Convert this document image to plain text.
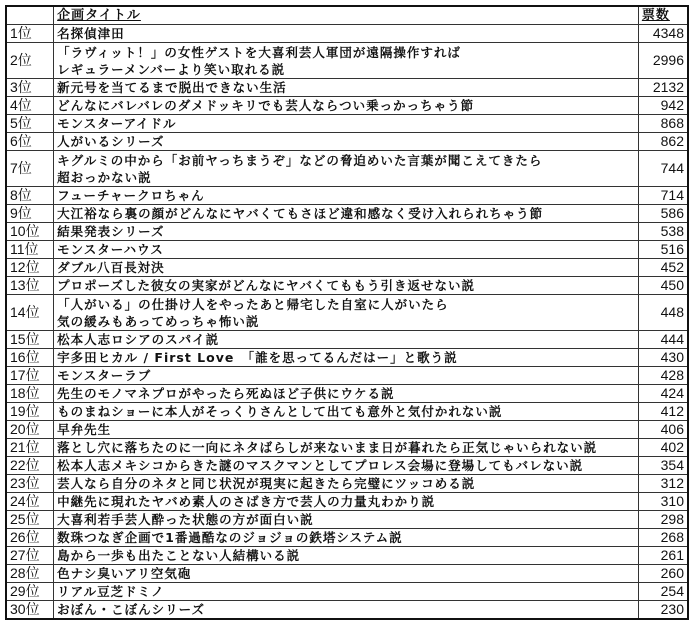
	企画タイトル	票数
1位	名探偵津田	4348
2位	「ラヴィット！」の女性ゲストを大喜利芸人軍団が遠隔操作すれば
レギュラーメンバーより笑い取れる説	2996
3位	新元号を当てるまで脱出できない生活	2132
4位	どんなにバレバレのダメドッキリでも芸人ならつい乗っかっちゃう節	942
5位	モンスターアイドル	868
6位	人がいるシリーズ	862
7位	キグルミの中から「お前ヤっちまうぞ」などの脅迫めいた言葉が聞こえてきたら
超おっかない説	744
8位	フューチャークロちゃん	714
9位	大江裕なら裏の顔がどんなにヤバくてもさほど違和感なく受け入れられちゃう節	586
10位	結果発表シリーズ	538
11位	モンスターハウス	516
12位	ダブル八百長対決	452
13位	プロポーズした彼女の実家がどんなにヤバくてももう引き返せない説	450
14位	「人がいる」の仕掛け人をやったあと帰宅した自室に人がいたら
気の緩みもあってめっちゃ怖い説	448
15位	松本人志ロシアのスパイ説	444
16位	宇多田ヒカル / First Love　「誰を思ってるんだはー」と歌う説	430
17位	モンスターラブ	428
18位	先生のモノマネプロがやったら死ぬほど子供にウケる説	424
19位	ものまねショーに本人がそっくりさんとして出ても意外と気付かれない説	412
20位	早弁先生	406
21位	落とし穴に落ちたのに一向にネタばらしが来ないまま日が暮れたら正気じゃいられない説	402
22位	松本人志メキシコからきた謎のマスクマンとしてプロレス会場に登場してもバレない説	354
23位	芸人なら自分のネタと同じ状況が現実に起きたら完璧にツッコめる説	312
24位	中継先に現れたヤバめ素人のさばき方で芸人の力量丸わかり説	310
25位	大喜利若手芸人酔った状態の方が面白い説	298
26位	数珠つなぎ企画で1番過酷なのジョジョの鉄塔システム説	268
27位	島から一歩も出たことない人結構いる説	261
28位	色ナシ臭いアリ空気砲	260
29位	リアル豆芝ドミノ	254
30位	おぼん・こぼんシリーズ	230
